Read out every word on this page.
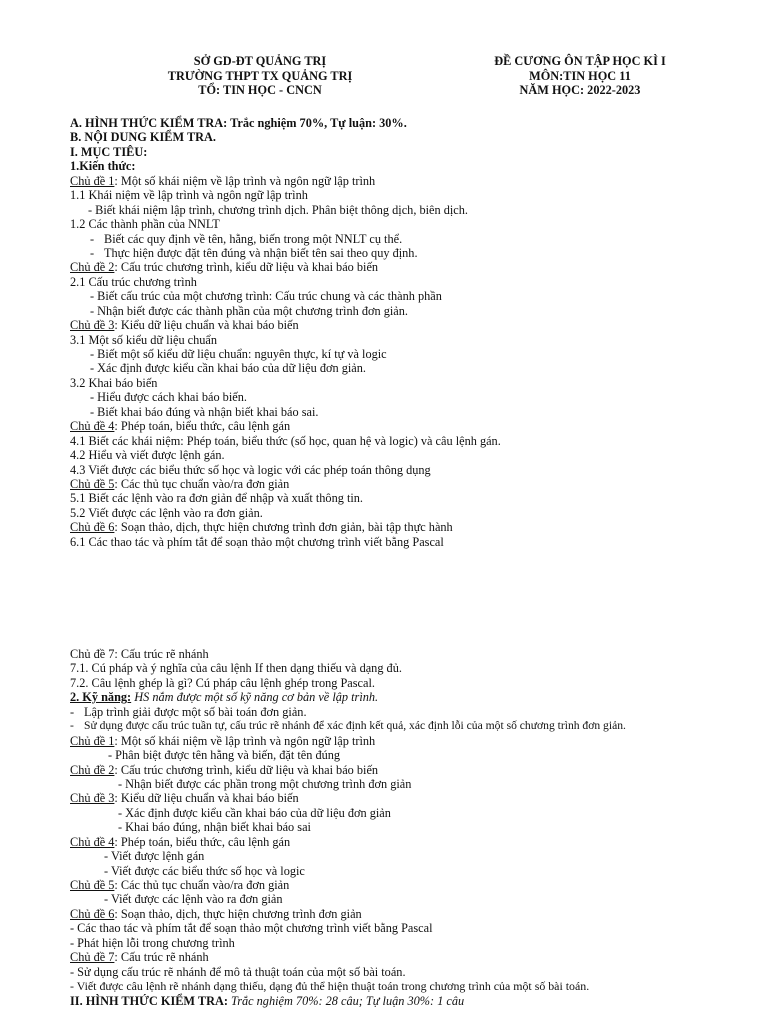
SỞ GD-ĐT QUẢNG TRỊ
TRƯỜNG THPT TX QUẢNG TRỊ
TỔ: TIN HỌC - CNCN
ĐỀ CƯƠNG ÔN TẬP HỌC KÌ I
MÔN:TIN HỌC 11
NĂM HỌC: 2022-2023
A. HÌNH THỨC KIỂM TRA: Trắc nghiệm 70%, Tự luận: 30%.
B. NỘI DUNG KIỂM TRA.
I. MỤC TIÊU:
1.Kiến thức:
Chủ đề 1: Một số khái niệm về lập trình và ngôn ngữ lập trình
1.1 Khái niệm về lập trình và ngôn ngữ lập trình
- Biết khái niệm lập trình, chương trình dịch. Phân biệt thông dịch, biên dịch.
1.2 Các thành phần của NNLT
- Biết các quy định về tên, hằng, biến trong một NNLT cụ thể.
- Thực hiện được đặt tên đúng và nhận biết tên sai theo quy định.
Chủ đề 2: Cấu trúc chương trình, kiểu dữ liệu và khai báo biến
2.1 Cấu trúc chương trình
- Biết cấu trúc của một chương trình: Cấu trúc chung và các thành phần
- Nhận biết được các thành phần của một chương trình đơn giản.
Chủ đề 3: Kiểu dữ liệu chuẩn và khai báo biến
3.1 Một số kiểu dữ liệu chuẩn
- Biết một số kiểu dữ liệu chuẩn: nguyên thực, kí tự và logic
- Xác định được kiểu cần khai báo của dữ liệu đơn giản.
3.2 Khai báo biến
- Hiểu được cách khai báo biến.
- Biết khai báo đúng và nhận biết khai báo sai.
Chủ đề 4: Phép toán, biểu thức, câu lệnh gán
4.1 Biết các khái niệm: Phép toán, biểu thức (số học, quan hệ và logic) và câu lệnh gán.
4.2 Hiểu và viết được lệnh gán.
4.3 Viết được các biểu thức số học và logic với các phép toán thông dụng
Chủ đề 5: Các thủ tục chuẩn vào/ra đơn giản
5.1 Biết các lệnh vào ra đơn giản để nhập và xuất thông tin.
5.2 Viết được các lệnh vào ra đơn giản.
Chủ đề 6: Soạn thảo, dịch, thực hiện chương trình đơn giản, bài tập thực hành
6.1 Các thao tác và phím tắt để soạn thảo một chương trình viết bằng Pascal
Chủ đề 7: Cấu trúc rẽ nhánh
7.1. Cú pháp và ý nghĩa của câu lệnh If then dạng thiếu và dạng đủ.
7.2. Câu lệnh ghép là gì? Cú pháp câu lệnh ghép trong Pascal.
2. Kỹ năng: HS nắm được một số kỹ năng cơ bản về lập trình.
- Lập trình giải được một số bài toán đơn giản.
- Sử dụng được cấu trúc tuần tự, cấu trúc rẽ nhánh để xác định kết quả, xác định lỗi của một số chương trình đơn giản.
Chủ đề 1: Một số khái niệm về lập trình và ngôn ngữ lập trình
- Phân biệt được tên hằng và biến, đặt tên đúng
Chủ đề 2: Cấu trúc chương trình, kiểu dữ liệu và khai báo biến
- Nhận biết được các phần trong một chương trình đơn giản
Chủ đề 3: Kiểu dữ liệu chuẩn và khai báo biến
- Xác định được kiểu cần khai báo của dữ liệu đơn giản
- Khai báo đúng, nhận biết khai báo sai
Chủ đề 4: Phép toán, biểu thức, câu lệnh gán
- Viết được lệnh gán
- Viết được các biểu thức số học và logic
Chủ đề 5: Các thủ tục chuẩn vào/ra đơn giản
- Viết được các lệnh vào ra đơn giản
Chủ đề 6: Soạn thảo, dịch, thực hiện chương trình đơn giản
- Các thao tác và phím tắt để soạn thảo một chương trình viết bằng Pascal
- Phát hiện lỗi trong chương trình
Chủ đề 7: Cấu trúc rẽ nhánh
- Sử dụng cấu trúc rẽ nhánh để mô tả thuật toán của một số bài toán.
- Viết được câu lệnh rẽ nhánh dạng thiếu, dạng đủ thể hiện thuật toán trong chương trình của một số bài toán.
II. HÌNH THỨC KIỂM TRA: Trắc nghiệm 70%: 28 câu; Tự luận 30%: 1 câu
